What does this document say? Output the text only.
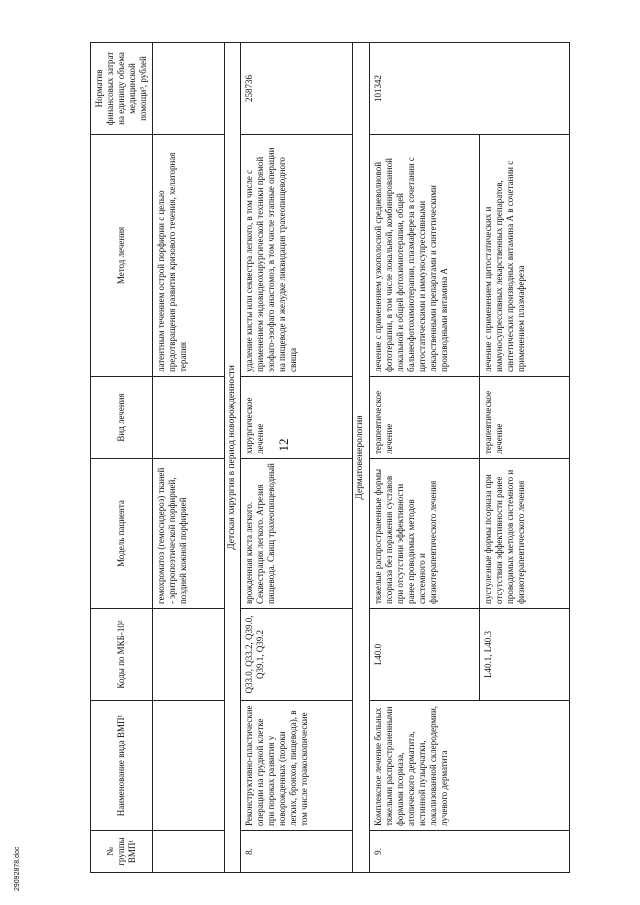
12
№ группы ВМП¹	Наименование вида ВМП¹	Коды по МКБ-10²	Модель пациента	Вид лечения	Метод лечения	Норматив финансовых затрат на единицу объема медицинской помощи³, рублей
			гемохроматоз (гемосидероз) тканей - эритропоэтической порфирией, поздней кожной порфирией		латентным течением острой порфирии с целью предотвращения развития кризового течения, хелаторная терапия	
Детская хирургия в период новорожденности						
8.	Реконструктивно-пластические операции на грудной клетке при пороках развития у новорожденных (пороки легких, бронхов, пищевода), в том числе торакоскопические	Q33.0, Q33.2, Q39.0, Q39.1, Q39.2	врожденная киста легкого. Секвестрация легкого. Атрезия пищевода. Свищ трахеопищеводный	хирургическое лечение	удаление кисты или секвестра легкого, в том числе с применением эндовидеохирургической техники прямой эзофаго-эзофаго анастомоз, в том числе этапные операции на пищеводе и желудке ликвидация трахеопищеводного свища	258736
Дерматовенерология						
9.	Комплексное лечение больных тяжелыми распространенными формами псориаза, атопического дерматита, истинной пузырчатки, локализованной склеродермии, лучевого дерматита	L40.0	тяжелые распространенные формы псориаза без поражения суставов при отсутствии эффективности ранее проводимых методов системного и физиотерапевтического лечения	терапевтическое лечение	лечение с применением узкополосной средневолновой фототерапии, в том числе локальной, комбинированной локальной и общей фотохимиотерапии, общей бальнеофотохимиотерапии, плазмафереза в сочетании с цитостатическими и иммуносупрессивными лекарственными препаратами и синтетическими производными витамина А	101342
		L40.1, L40.3	пустулезные формы псориаза при отсутствии эффективности ранее проводимых методов системного и физиотерапевтического лечения	терапевтическое лечение	лечение с применением цитостатических и иммуносупрессивных лекарственных препаратов, синтетических производных витамина А в сочетании с применением плазмафереза	
29092878.doc
